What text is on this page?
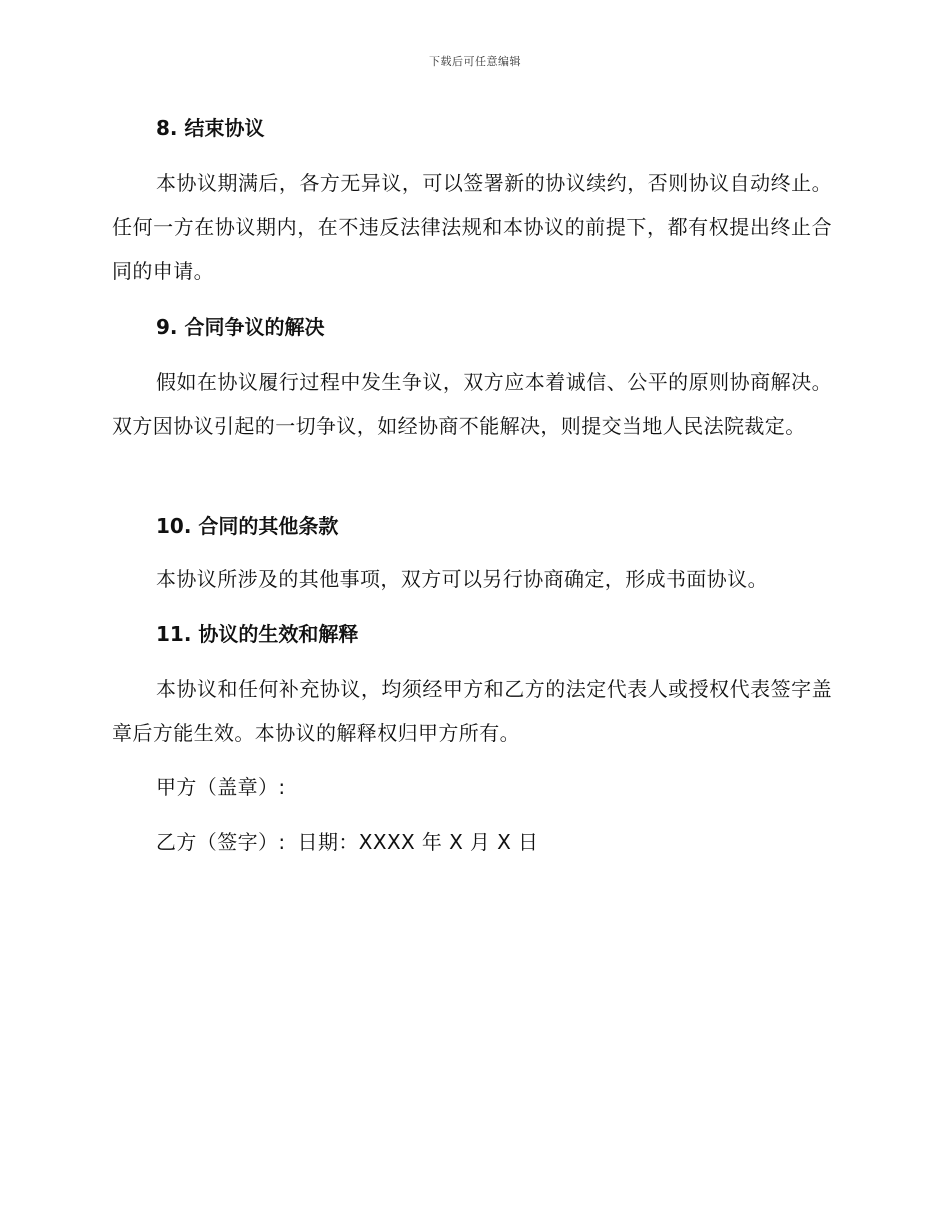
下载后可任意编辑
8. 结束协议
本协议期满后，各方无异议，可以签署新的协议续约，否则协议自动终止。任何一方在协议期内，在不违反法律法规和本协议的前提下，都有权提出终止合同的申请。
9. 合同争议的解决
假如在协议履行过程中发生争议，双方应本着诚信、公平的原则协商解决。双方因协议引起的一切争议，如经协商不能解决，则提交当地人民法院裁定。
10. 合同的其他条款
本协议所涉及的其他事项，双方可以另行协商确定，形成书面协议。
11. 协议的生效和解释
本协议和任何补充协议，均须经甲方和乙方的法定代表人或授权代表签字盖章后方能生效。本协议的解释权归甲方所有。
甲方（盖章）:
乙方（签字）: 日期：XXXX 年 X 月 X 日
